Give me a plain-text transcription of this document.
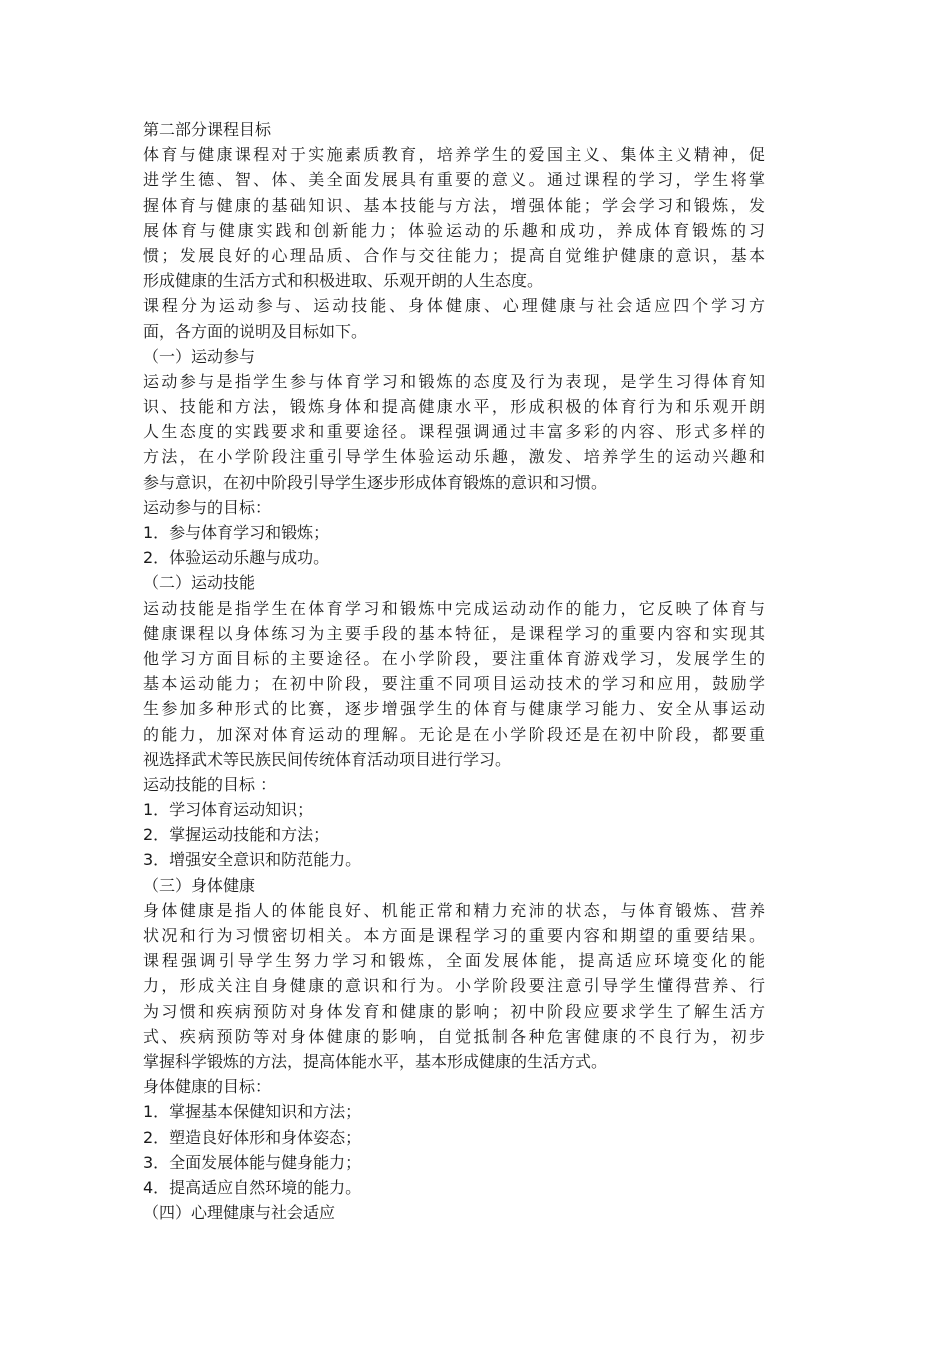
第二部分课程目标
体育与健康课程对于实施素质教育，培养学生的爱国主义、集体主义精神，促
进学生德、智、体、美全面发展具有重要的意义。通过课程的学习，学生将掌
握体育与健康的基础知识、基本技能与方法，增强体能；学会学习和锻炼，发
展体育与健康实践和创新能力；体验运动的乐趣和成功，养成体育锻炼的习
惯；发展良好的心理品质、合作与交往能力；提高自觉维护健康的意识，基本
形成健康的生活方式和积极进取、乐观开朗的人生态度。
课程分为运动参与、运动技能、身体健康、心理健康与社会适应四个学习方
面，各方面的说明及目标如下。
（一）运动参与
运动参与是指学生参与体育学习和锻炼的态度及行为表现，是学生习得体育知
识、技能和方法，锻炼身体和提高健康水平，形成积极的体育行为和乐观开朗
人生态度的实践要求和重要途径。课程强调通过丰富多彩的内容、形式多样的
方法，在小学阶段注重引导学生体验运动乐趣，激发、培养学生的运动兴趣和
参与意识，在初中阶段引导学生逐步形成体育锻炼的意识和习惯。
运动参与的目标：
1．参与体育学习和锻炼；
2．体验运动乐趣与成功。
（二）运动技能
运动技能是指学生在体育学习和锻炼中完成运动动作的能力，它反映了体育与
健康课程以身体练习为主要手段的基本特征，是课程学习的重要内容和实现其
他学习方面目标的主要途径。在小学阶段，要注重体育游戏学习，发展学生的
基本运动能力；在初中阶段，要注重不同项目运动技术的学习和应用，鼓励学
生参加多种形式的比赛，逐步增强学生的体育与健康学习能力、安全从事运动
的能力，加深对体育运动的理解。无论是在小学阶段还是在初中阶段，都要重
视选择武术等民族民间传统体育活动项目进行学习。
运动技能的目标 ：
1．学习体育运动知识；
2．掌握运动技能和方法；
3．增强安全意识和防范能力。
（三）身体健康
身体健康是指人的体能良好、机能正常和精力充沛的状态，与体育锻炼、营养
状况和行为习惯密切相关。本方面是课程学习的重要内容和期望的重要结果。
课程强调引导学生努力学习和锻炼，全面发展体能，提高适应环境变化的能
力，形成关注自身健康的意识和行为。小学阶段要注意引导学生懂得营养、行
为习惯和疾病预防对身体发育和健康的影响；初中阶段应要求学生了解生活方
式、疾病预防等对身体健康的影响，自觉抵制各种危害健康的不良行为，初步
掌握科学锻炼的方法，提高体能水平，基本形成健康的生活方式。
身体健康的目标：
1．掌握基本保健知识和方法；
2．塑造良好体形和身体姿态；
3．全面发展体能与健身能力；
4．提高适应自然环境的能力。
（四）心理健康与社会适应
